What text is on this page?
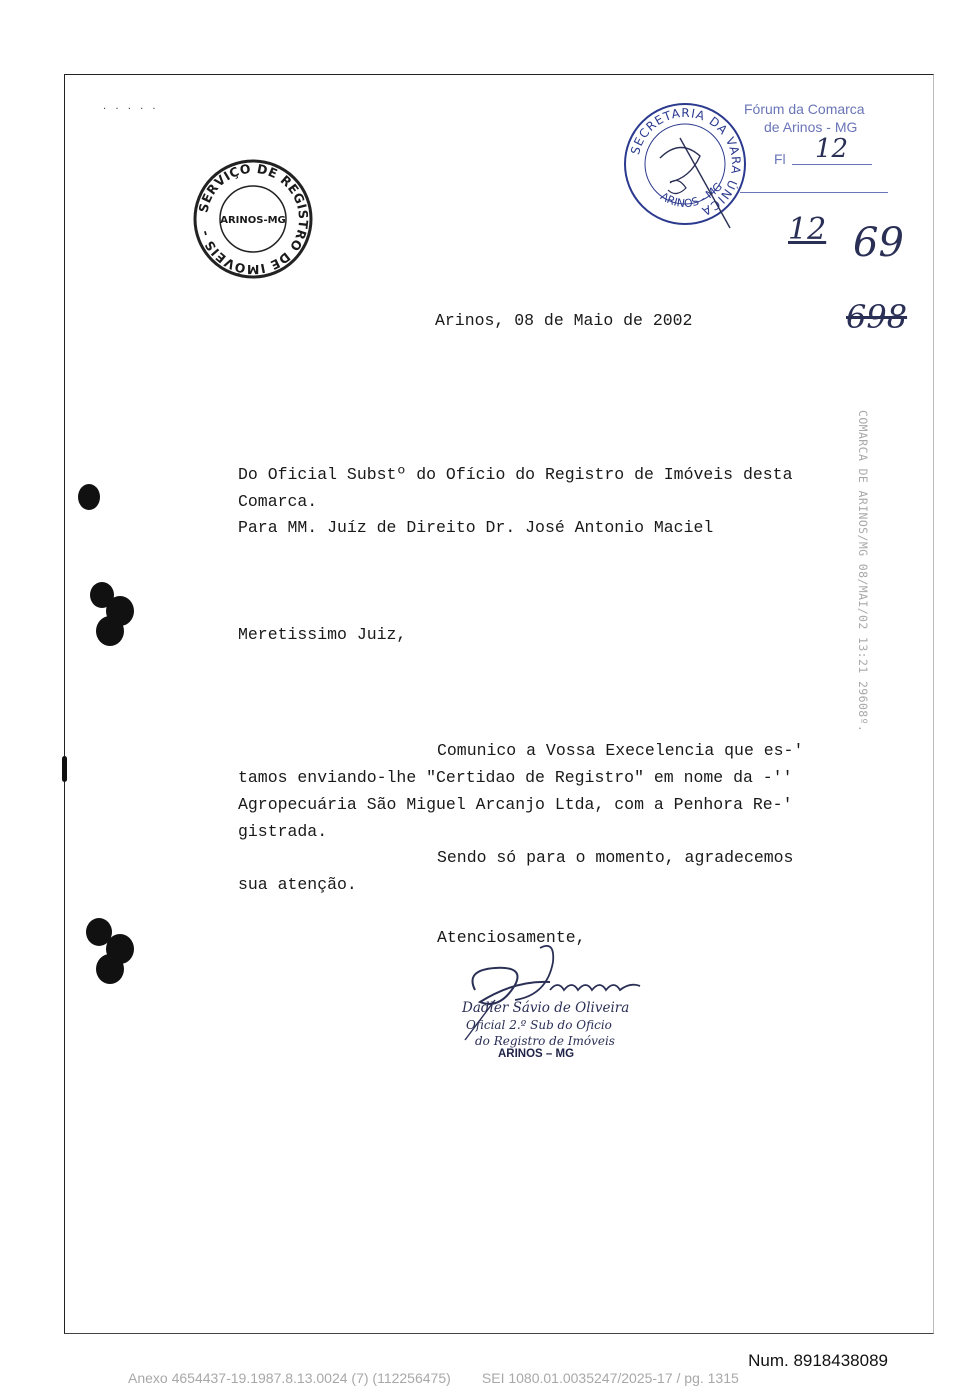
· · · · ·
SERVIÇO DE REGISTRO DE IMÓVEIS -
ARINOS-MG
SECRETARIA DA VARA ÚNICA
ARINOS - MG
Fórum da Comarca
de Arinos - MG
Fl 12
12 69
698
COMARCA DE ARINOS/MG 08/MAI/02 13:21 29608º.
Arinos, 08 de Maio de 2002
Do Oficial Substº do Ofício do Registro de Imóveis desta
Comarca.
Para MM. Juíz de Direito Dr. José Antonio Maciel
Meretissimo Juiz,
Comunico a Vossa Execelencia que es-'
tamos enviando-lhe "Certidao de Registro" em nome da -''
Agropecuária São Miguel Arcanjo Ltda, com a Penhora Re-'
gistrada.
Sendo só para o momento, agradecemos
sua atenção.
Atenciosamente,
Dadler Sávio de Oliveira
Oficial 2.º Sub do Oficio
do Registro de Imóveis
ARINOS – MG
Num. 8918438089
Anexo 4654437-19.1987.8.13.0024 (7) (112256475)        SEI 1080.01.0035247/2025-17 / pg. 1315
